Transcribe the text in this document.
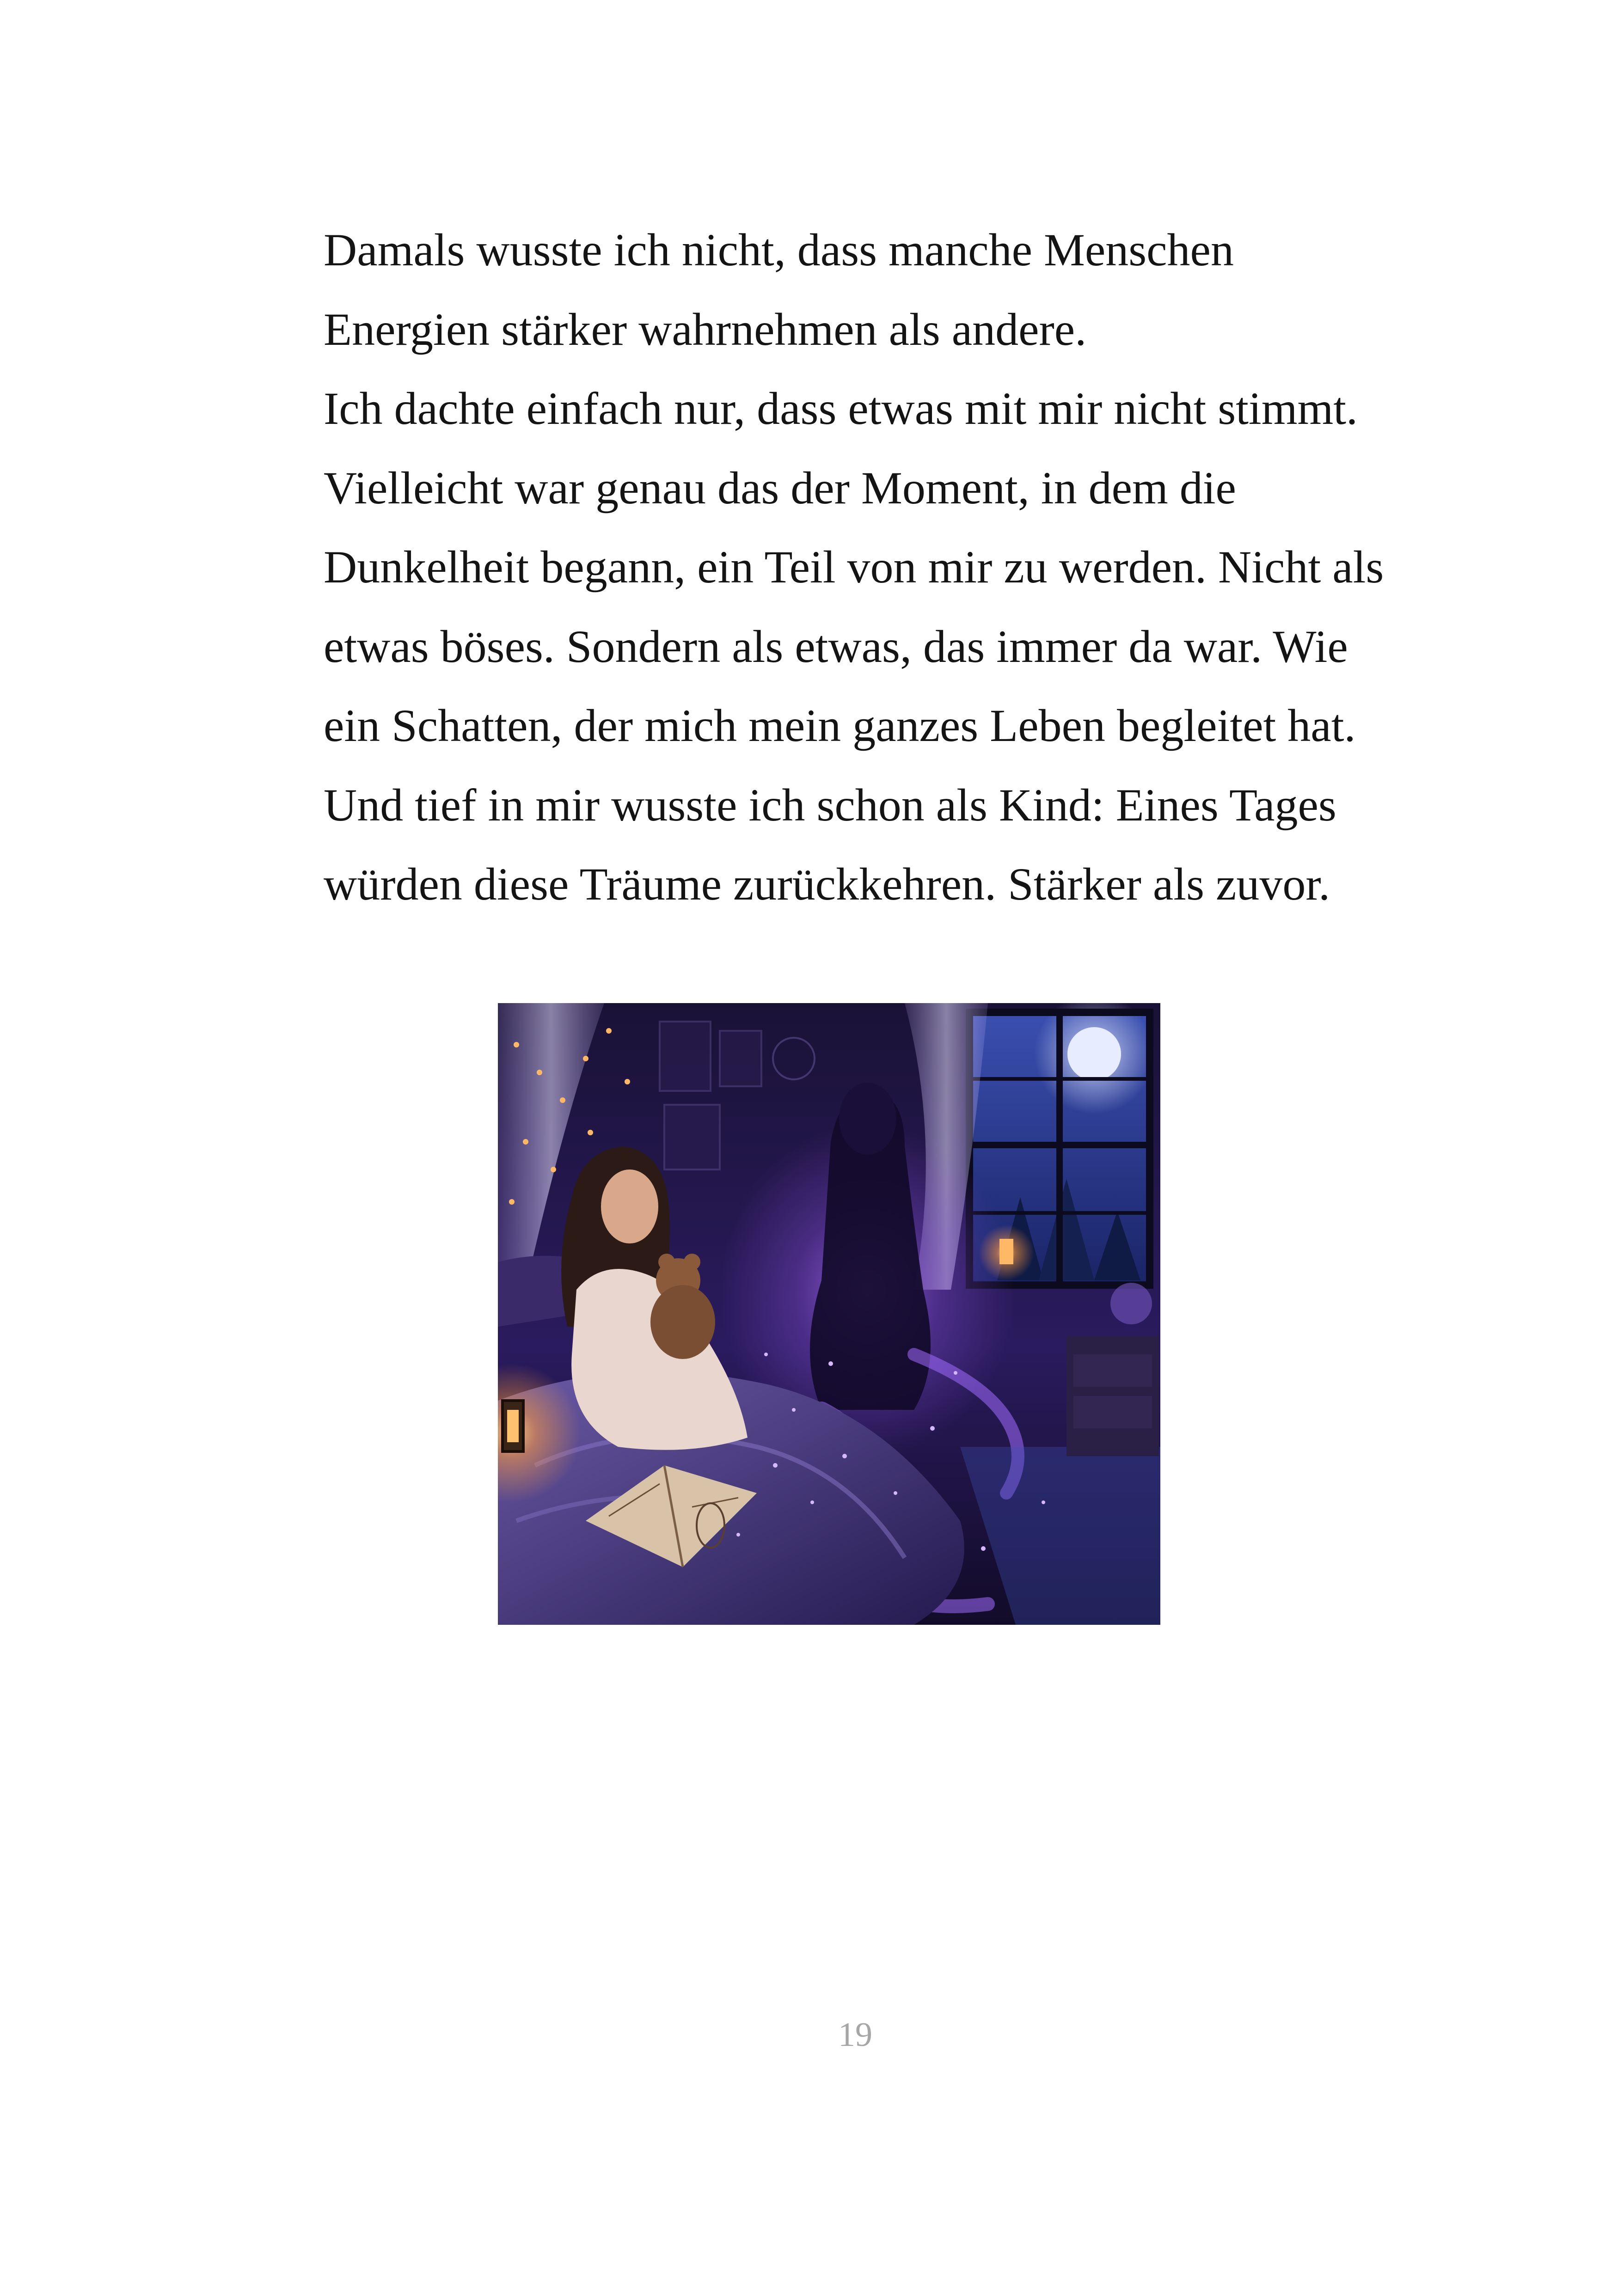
Damals wusste ich nicht, dass manche Menschen
Energien stärker wahrnehmen als andere.
Ich dachte einfach nur, dass etwas mit mir nicht stimmt.
Vielleicht war genau das der Moment, in dem die
Dunkelheit begann, ein Teil von mir zu werden. Nicht als
etwas böses. Sondern als etwas, das immer da war. Wie
ein Schatten, der mich mein ganzes Leben begleitet hat.
Und tief in mir wusste ich schon als Kind: Eines Tages
würden diese Träume zurückkehren. Stärker als zuvor.
19
